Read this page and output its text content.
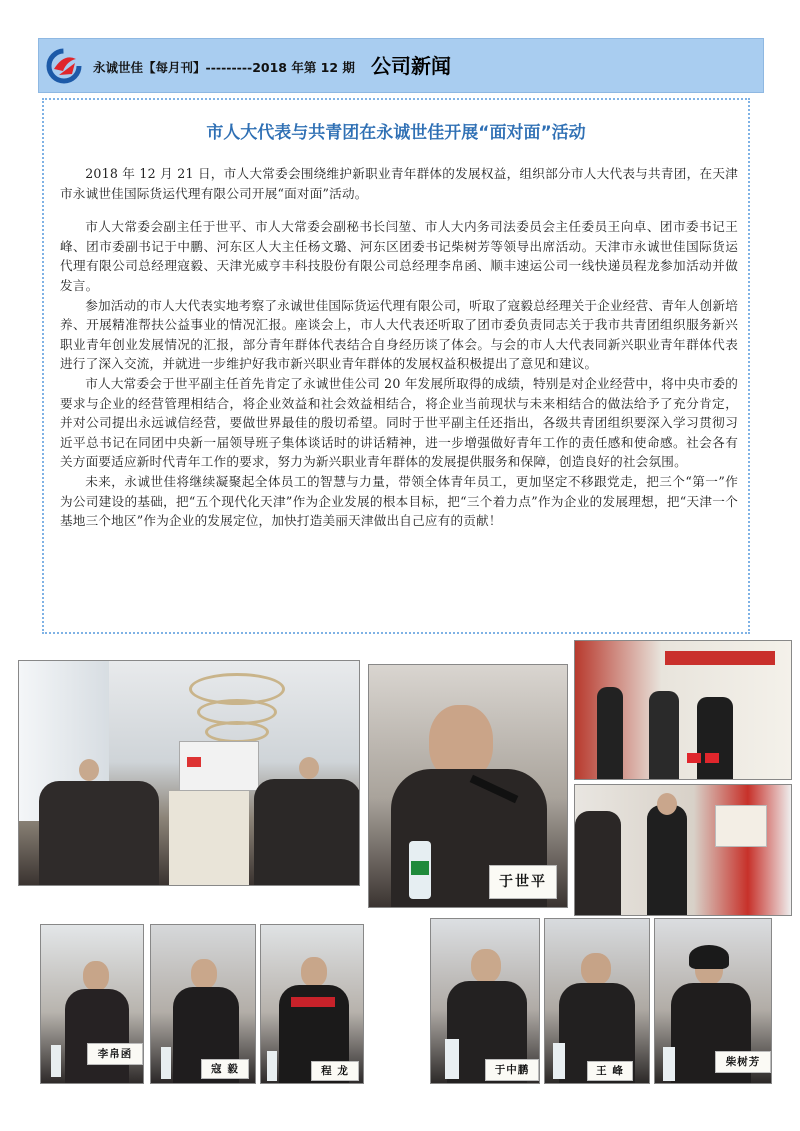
永诚世佳【每月刊】---------2018 年第 12 期 公司新闻
市人大代表与共青团在永诚世佳开展“面对面”活动

2018 年 12 月 21 日，市人大常委会围绕维护新职业青年群体的发展权益，组织部分市人大代表与共青团，在天津市永诚世佳国际货运代理有限公司开展“面对面”活动。

市人大常委会副主任于世平、市人大常委会副秘书长闫堃、市人大内务司法委员会主任委员王向卓、团市委书记王峰、团市委副书记于中鹏、河东区人大主任杨文璐、河东区团委书记柴树芳等领导出席活动。天津市永诚世佳国际货运代理有限公司总经理寇毅、天津光威亨丰科技股份有限公司总经理李帛函、顺丰速运公司一线快递员程龙参加活动并做发言。

参加活动的市人大代表实地考察了永诚世佳国际货运代理有限公司，听取了寇毅总经理关于企业经营、青年人创新培养、开展精准帮扶公益事业的情况汇报。座谈会上，市人大代表还听取了团市委负责同志关于我市共青团组织服务新兴职业青年创业发展情况的汇报，部分青年群体代表结合自身经历谈了体会。与会的市人大代表同新兴职业青年群体代表进行了深入交流，并就进一步维护好我市新兴职业青年群体的发展权益积极提出了意见和建议。

市人大常委会于世平副主任首先肯定了永诚世佳公司 20 年发展所取得的成绩，特别是对企业经营中，将中央市委的要求与企业的经营管理相结合，将企业效益和社会效益相结合，将企业当前现状与未来相结合的做法给予了充分肯定，并对公司提出永远诚信经营，要做世界最佳的殷切希望。同时于世平副主任还指出，各级共青团组织要深入学习贯彻习近平总书记在同团中央新一届领导班子集体谈话时的讲话精神，进一步增强做好青年工作的责任感和使命感。社会各有关方面要适应新时代青年工作的要求，努力为新兴职业青年群体的发展提供服务和保障，创造良好的社会氛围。

未来，永诚世佳将继续凝聚起全体员工的智慧与力量，带领全体青年员工，更加坚定不移跟党走，把三个“第一”作为公司建设的基础，把“五个现代化天津”作为企业发展的根本目标，把“三个着力点”作为企业的发展理想，把“天津一个基地三个地区”作为企业的发展定位，加快打造美丽天津做出自己应有的贡献！

于世平
李帛函
寇 毅	程 龙	于中鹏	王 峰
柴树芳
